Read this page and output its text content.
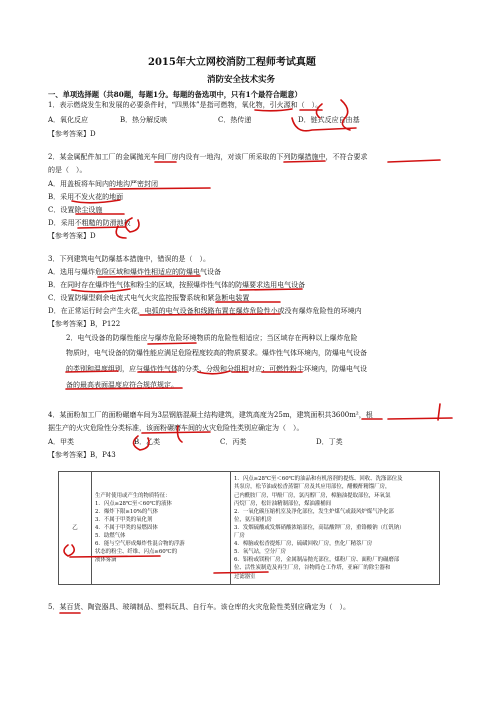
2015年大立网校消防工程师考试真题
消防安全技术实务
一、单项选择题（共80题，每题1分。每题的备选项中，只有1个最符合题意）
1．表示燃烧发生和发展的必要条件时，“四黑体”是指可燃物，氧化物，引火源和（　）。
A．氧化反应	B．热分解反映	C．热传递	D．链式反应自由基
【参考答案】D
2．某金属配件加工厂的金属抛光车间厂房内设有一地沟，对该厂所采取的下列防爆措施中，不符合要求
的是（　）。
A．用盖板将车间内的地沟严密封闭
B．采用不发火花的地面
C．设置除尘设施
D．采用不粗糙的防滑地板
【参考答案】D
3．下列建筑电气防爆基本措施中，错误的是（　）。
A．选用与爆炸危险区域和爆炸性相适应的防爆电气设备
B．在同时存在爆炸性气体和粉尘的区域，按照爆炸性气体的防爆要求选用电气设备
C．设置防爆型剩余电流式电气火灾监控报警系统和紧急断电装置
D．在正常运行时会产生火花，电弧的电气设备和线路布置在爆炸危险性小或没有爆炸危险性的环境内
【参考答案】B，P122
2．电气设备的防爆性能应与爆炸危险环境物质的危险性相适应；当区域存在两种以上爆炸危险
物质时，电气设备的防爆性能应满足危险程度较高的物质要求。爆炸性气体环境内，防爆电气设备
的类别和温度组别，应与爆炸性气体的分类、分级和分组相对应；可燃性粉尘环境内，防爆电气设
备的最高表面温度应符合规范规定。
4．某面粉加工厂的面粉碾磨车间为3层钢筋混凝土结构建筑，建筑高度为25m，建筑面积共3600m²，根
据生产的火灾危险性分类标准，该面粉碾磨车间的火灾危险性类别应确定为（　）。
A．甲类	B．乙类	C．丙类	D．丁类
【参考答案】B，P43
乙	
生产时使用或产生的物质特征：
1．闪点≥28℃至＜60℃的液体
2．爆炸下限≥10%的气体
3．不属于甲类的氧化剂
4．不属于甲类的易燃固体
5．助燃气体
6．能与空气形成爆炸性混合物的浮游
状态的粉尘、纤维、闪点≥60℃的
液体雾滴

1．闪点≥28℃至＜60℃的油品和有机溶剂的提炼、回收、洗涤部位及
其泵房，松节油或松香蒸馏厂房及其应用部位，醋酸酐精馏厂房，
己内酰胺厂房，甲酚厂房，氯丙醇厂房，樟脑油提取部位，环氧氯
丙烷厂房，松针油精制部位，煤油灌桶间
2．一氧化碳压缩机室及净化部位，发生炉煤气或鼓风炉煤气净化部
位，氨压缩机房
3．发烟硫酸或发烟硝酸浓缩部位，高锰酸钾厂房，重铬酸钠（红钒钠）
厂房
4．樟脑或松香提炼厂房，硫磺回收厂房，焦化厂精萘厂房
5．氧气站，空分厂房
6．铝粉或镁粉厂房，金属制品抛光部位，煤粉厂房、面粉厂的碾磨部
位、活性炭制造及再生厂房，谷物简仓工作塔，亚麻厂的除尘器和
过滤器室
5．某百货、陶瓷器具、玻璃制品、塑料玩具、自行车。该仓库的火灾危险性类别应确定为（　）。
